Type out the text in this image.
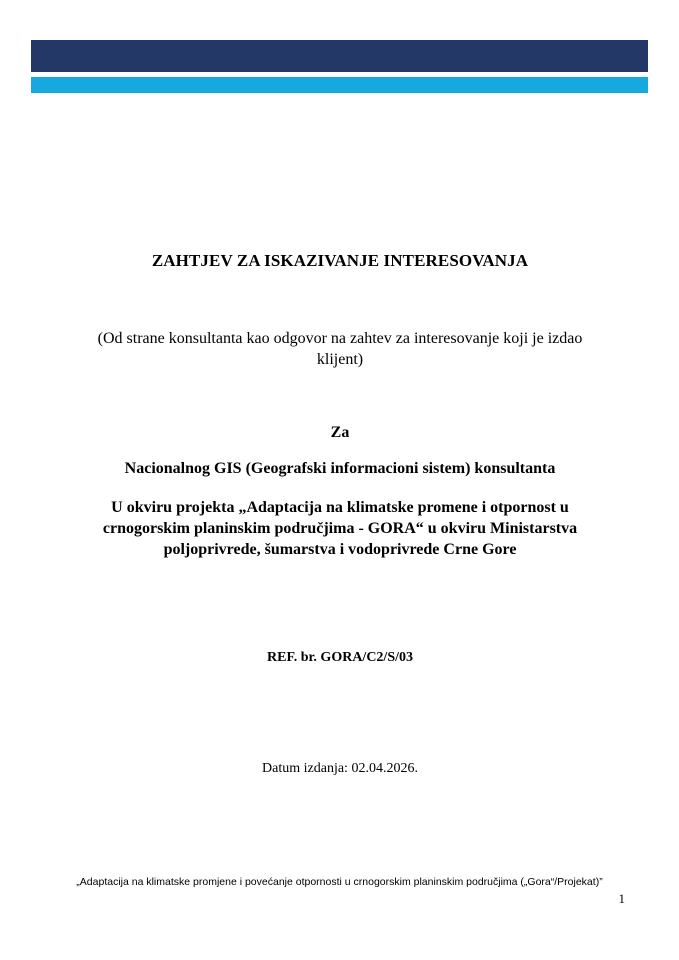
ZAHTJEV ZA ISKAZIVANJE INTERESOVANJA
(Od strane konsultanta kao odgovor na zahtev za interesovanje koji je izdao
klijent)
Za
Nacionalnog GIS (Geografski informacioni sistem) konsultanta
U okviru projekta „Adaptacija na klimatske promene i otpornost u
crnogorskim planinskim područjima - GORA“ u okviru Ministarstva
poljoprivrede, šumarstva i vodoprivrede Crne Gore
REF. br. GORA/C2/S/03
Datum izdanja: 02.04.2026.
„Adaptacija na klimatske promjene i povećanje otpornosti u crnogorskim planinskim područjima („Gora“/Projekat)”
1
